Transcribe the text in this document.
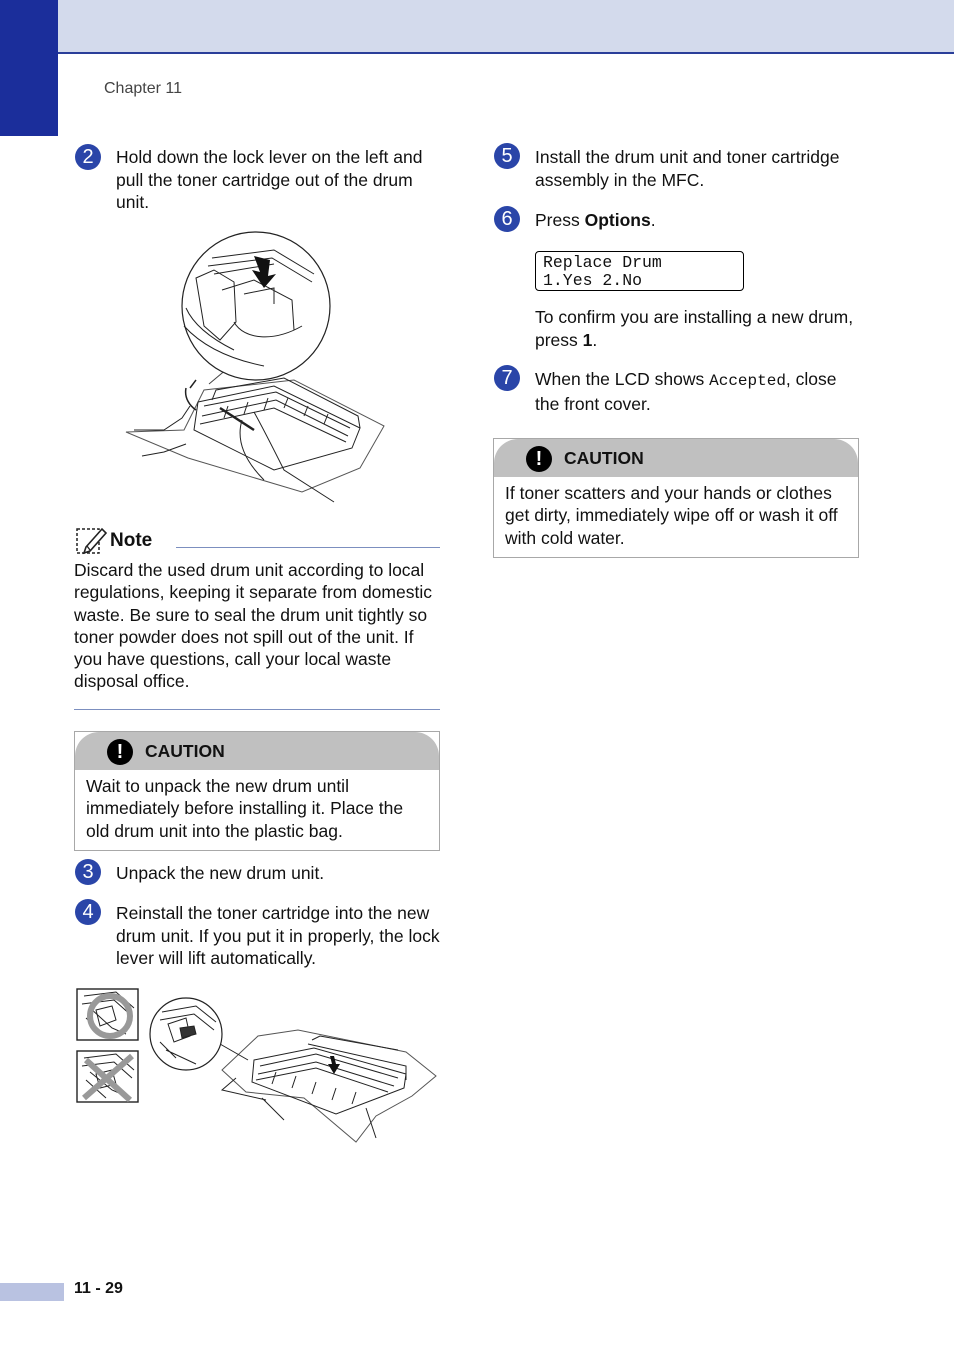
Chapter 11
2	Hold down the lock lever on the left and pull the toner cartridge out of the drum unit.
Note
Discard the used drum unit according to local regulations, keeping it separate from domestic waste. Be sure to seal the drum unit tightly so toner powder does not spill out of the unit. If you have questions, call your local waste disposal office.
!	CAUTION
Wait to unpack the new drum until immediately before installing it. Place the old drum unit into the plastic bag.
3	Unpack the new drum unit.
4	Reinstall the toner cartridge into the new drum unit. If you put it in properly, the lock lever will lift automatically.
5	Install the drum unit and toner cartridge assembly in the MFC.
6	Press Options.
Replace Drum
1.Yes 2.No
To confirm you are installing a new drum, press 1.
7	When the LCD shows Accepted, close the front cover.
!	CAUTION
If toner scatters and your hands or clothes get dirty, immediately wipe off or wash it off with cold water.
11 - 29
